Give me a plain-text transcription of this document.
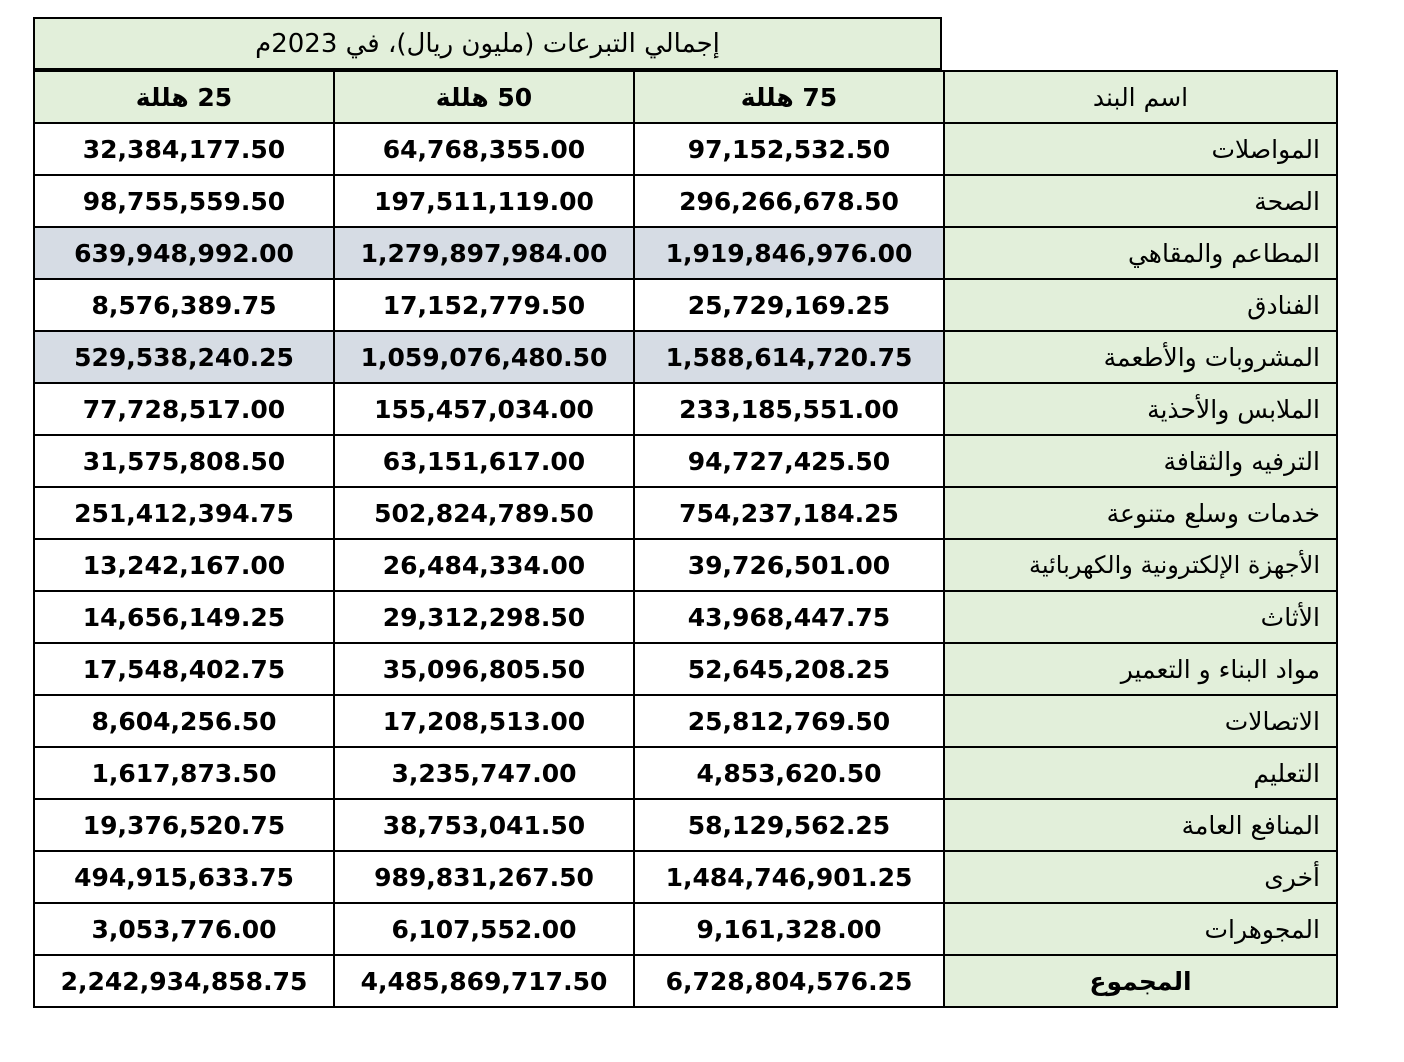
إجمالي التبرعات (مليون ريال)، في 2023م
25 هللة	50 هللة	75 هللة	اسم البند
32,384,177.50	64,768,355.00	97,152,532.50	المواصلات
98,755,559.50	197,511,119.00	296,266,678.50	الصحة
639,948,992.00	1,279,897,984.00	1,919,846,976.00	المطاعم والمقاهي
8,576,389.75	17,152,779.50	25,729,169.25	الفنادق
529,538,240.25	1,059,076,480.50	1,588,614,720.75	المشروبات والأطعمة
77,728,517.00	155,457,034.00	233,185,551.00	الملابس والأحذية
31,575,808.50	63,151,617.00	94,727,425.50	الترفيه والثقافة
251,412,394.75	502,824,789.50	754,237,184.25	خدمات وسلع متنوعة
13,242,167.00	26,484,334.00	39,726,501.00	الأجهزة الإلكترونية والكهربائية
14,656,149.25	29,312,298.50	43,968,447.75	الأثاث
17,548,402.75	35,096,805.50	52,645,208.25	مواد البناء و التعمير
8,604,256.50	17,208,513.00	25,812,769.50	الاتصالات
1,617,873.50	3,235,747.00	4,853,620.50	التعليم
19,376,520.75	38,753,041.50	58,129,562.25	المنافع العامة
494,915,633.75	989,831,267.50	1,484,746,901.25	أخرى
3,053,776.00	6,107,552.00	9,161,328.00	المجوهرات
2,242,934,858.75	4,485,869,717.50	6,728,804,576.25	المجموع
